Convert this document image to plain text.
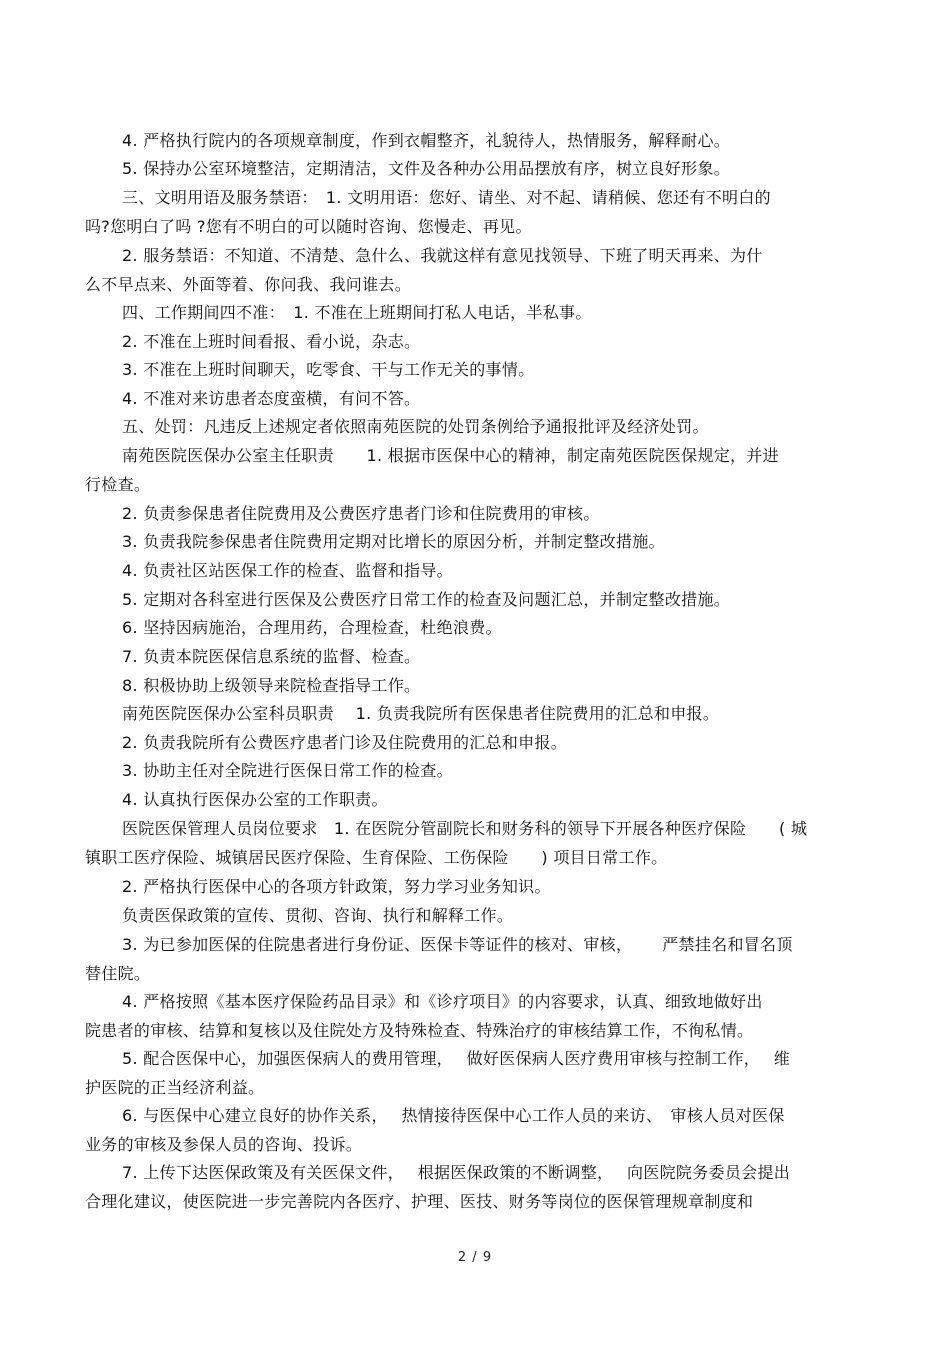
4. 严格执行院内的各项规章制度，作到衣帽整齐，礼貌待人，热情服务，解释耐心。
5. 保持办公室环境整洁，定期清洁，文件及各种办公用品摆放有序，树立良好形象。
三、文明用语及服务禁语：　1. 文明用语：您好、请坐、对不起、请稍候、您还有不明白的
吗?您明白了吗 ?您有不明白的可以随时咨询、您慢走、再见。
2. 服务禁语：不知道、不清楚、急什么、我就这样有意见找领导、下班了明天再来、为什
么不早点来、外面等着、你问我、我问谁去。
四、工作期间四不准：　1. 不准在上班期间打私人电话，半私事。
2. 不准在上班时间看报、看小说，杂志。
3. 不准在上班时间聊天，吃零食、干与工作无关的事情。
4. 不准对来访患者态度蛮横，有问不答。
五、处罚：凡违反上述规定者依照南苑医院的处罚条例给予通报批评及经济处罚。
南苑医院医保办公室主任职责　　1. 根据市医保中心的精神，制定南苑医院医保规定，并进
行检查。
2. 负责参保患者住院费用及公费医疗患者门诊和住院费用的审核。
3. 负责我院参保患者住院费用定期对比增长的原因分析，并制定整改措施。
4. 负责社区站医保工作的检查、监督和指导。
5. 定期对各科室进行医保及公费医疗日常工作的检查及问题汇总，并制定整改措施。
6. 坚持因病施治，合理用药，合理检查，杜绝浪费。
7. 负责本院医保信息系统的监督、检查。
8. 积极协助上级领导来院检查指导工作。
南苑医院医保办公室科员职责　 1. 负责我院所有医保患者住院费用的汇总和申报。
2. 负责我院所有公费医疗患者门诊及住院费用的汇总和申报。
3. 协助主任对全院进行医保日常工作的检查。
4. 认真执行医保办公室的工作职责。
医院医保管理人员岗位要求　1. 在医院分管副院长和财务科的领导下开展各种医疗保险　　( 城
镇职工医疗保险、城镇居民医疗保险、生育保险、工伤保险　　) 项目日常工作。
2. 严格执行医保中心的各项方针政策，努力学习业务知识。
负责医保政策的宣传、贯彻、咨询、执行和解释工作。
3. 为已参加医保的住院患者进行身份证、医保卡等证件的核对、审核，　　 严禁挂名和冒名顶
替住院。
4. 严格按照《基本医疗保险药品目录》和《诊疗项目》的内容要求，认真、细致地做好出
院患者的审核、结算和复核以及住院处方及特殊检查、特殊治疗的审核结算工作，不徇私情。
5. 配合医保中心，加强医保病人的费用管理，　 做好医保病人医疗费用审核与控制工作，　 维
护医院的正当经济利益。
6. 与医保中心建立良好的协作关系，　 热情接待医保中心工作人员的来访、　审核人员对医保
业务的审核及参保人员的咨询、投诉。
7. 上传下达医保政策及有关医保文件，　 根据医保政策的不断调整，　 向医院院务委员会提出
合理化建议，使医院进一步完善院内各医疗、护理、医技、财务等岗位的医保管理规章制度和
2 / 9
